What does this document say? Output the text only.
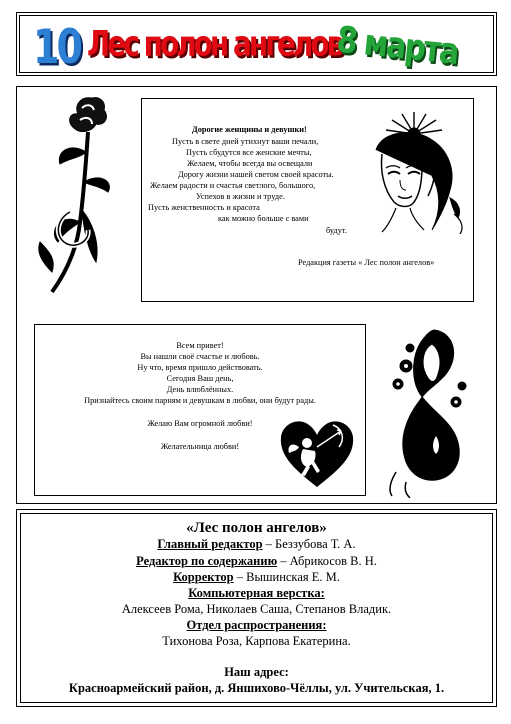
10 Лес полон ангелов
8 марта
Дорогие женщины и девушки!
Пусть в свете дней утихнут ваши печали,
Пусть сбудутся все женские мечты,
Желаем, чтобы всегда вы освещали
Дорогу жизни нашей светом своей красоты.
Желаем радости и счастья светлого, большого,
Успехов в жизни и труде.
Пусть женственность и красота
как можно больше с вами
будут.
Редакция газеты « Лес полон ангелов»
Всем привет!
Вы нашли своё счастье и любовь.
Ну что, время пришло действовать.
Сегодня Ваш день,
День влюблённых.
Признайтесь своим парням и девушкам в любви, они будут рады.
Желаю Вам огромной любви!
Желательница любви!
«Лес полон ангелов»
Главный редактор – Беззубова Т. А.
Редактор по содержанию – Абрикосов В. Н.
Корректор – Вышинская Е. М.
Компьютерная верстка:
Алексеев Рома, Николаев Саша, Степанов Владик.
Отдел распространения:
Тихонова Роза, Карпова Екатерина.
Наш адрес:
Красноармейский район, д. Яншихово-Чёллы, ул. Учительская, 1.
